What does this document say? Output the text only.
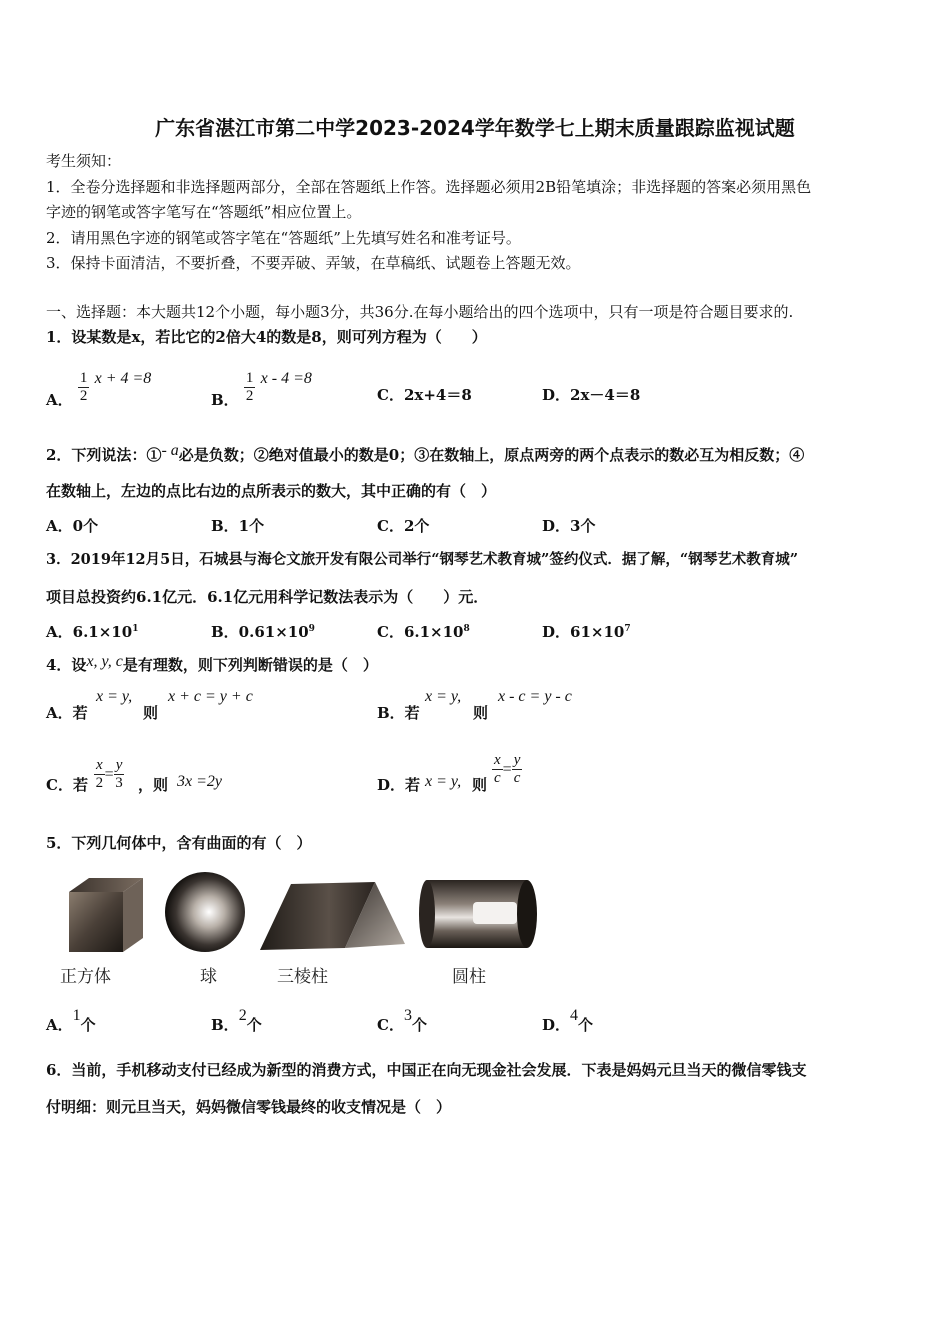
广东省湛江市第二中学2023-2024学年数学七上期末质量跟踪监视试题
考生须知：
1．全卷分选择题和非选择题两部分，全部在答题纸上作答。选择题必须用2B铅笔填涂；非选择题的答案必须用黑色
字迹的钢笔或答字笔写在“答题纸”相应位置上。
2．请用黑色字迹的钢笔或答字笔在“答题纸”上先填写姓名和准考证号。
3．保持卡面清洁，不要折叠，不要弄破、弄皱，在草稿纸、试题卷上答题无效。
一、选择题：本大题共12个小题，每小题3分，共36分.在每小题给出的四个选项中，只有一项是符合题目要求的.
1．设某数是x，若比它的2倍大4的数是8，则可列方程为（　　）
A． $\frac{1}{2}$ x + 4 =8
B． $\frac{1}{2}$ x - 4 =8
C．2x+4＝8	D．2x－4＝8
2．下列说法：①- a必是负数；②绝对值最小的数是0；③在数轴上，原点两旁的两个点表示的数必互为相反数；④
在数轴上，左边的点比右边的点所表示的数大，其中正确的有（　）
A．0个	B．1个	C．2个	D．3个
3．2019年12月5日，石城县与海仑文旅开发有限公司举行“钢琴艺术教育城”签约仪式．据了解，“钢琴艺术教育城”
项目总投资约6.1亿元．6.1亿元用科学记数法表示为（　　）元．
A．$6.1\times 10^1$	B．$0.61\times 10^9$	C．$6.1\times 10^8$	D．$61\times 10^7$
4．设x, y, c是有理数，则下列判断错误的是（　）
A．若
x = y,
则
x + c = y + c
B．若
x = y,
则
x - c = y - c
C．若 $\frac{x}{2} = \frac{y}{3}$ ，则 3x =2y	D．若 x = y, 则 $\frac{x}{c} = \frac{y}{c}$
5．下列几何体中，含有曲面的有（　）
正方体	球	三棱柱	圆柱
A．1个	B．2个	C．3个	D．4个
6．当前，手机移动支付已经成为新型的消费方式，中国正在向无现金社会发展．下表是妈妈元旦当天的微信零钱支
付明细：则元旦当天，妈妈微信零钱最终的收支情况是（　）
